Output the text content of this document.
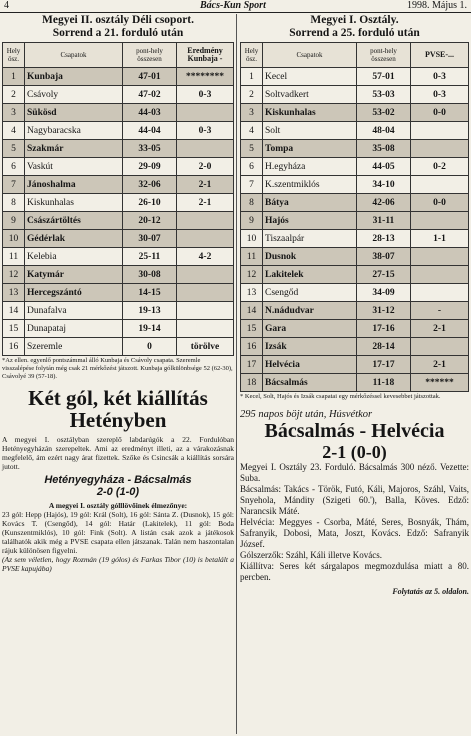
4	Bács-Kun Sport	1998. Május 1.
Megyei II. osztály Déli csoport.
Sorrend a 21. forduló után
Hely ösz.	Csapatok	pont-hely összesen	Eredmény Kunbaja -
1	Kunbaja	47-01	********
2	Csávoly	47-02	0-3
3	Sükösd	44-03	
4	Nagybaracska	44-04	0-3
5	Szakmár	33-05	
6	Vaskút	29-09	2-0
7	Jánoshalma	32-06	2-1
8	Kiskunhalas	26-10	2-1
9	Császártöltés	20-12	
10	Gédérlak	30-07	
11	Kelebia	25-11	4-2
12	Katymár	30-08	
13	Hercegszántó	14-15	
14	Dunafalva	19-13	
15	Dunapataj	19-14	
16	Szeremle	0	törölve
*Az ellen. egyenlő pontszámmal álló Kunbaja és Csávoly csapata. Szeremle visszalépése folytán még csak 21 mérkőzést játszott. Kunbaja gólkülönbsége 52 (62-30), Csávolyé 39 (57-18).
Két gól, két kiállítás Hetényben
A megyei I. osztályban szereplő labdarúgók a 22. Fordulóban Hetényegyházán szerepeltek. Ami az eredményt illeti, az a várakozásnak megfelelő, ám ezért nagy árat fizettek. Szőke és Csincsák a kiállítás sorsára jutott.
Hetényegyháza - Bácsalmás
2-0 (1-0)
A megyei I. osztály gólllövőinek élmezőnye:
23 gól: Hepp (Hajós), 19 gól: Král (Solt), 16 gól: Sánta Z. (Dusnok), 15 gól: Kovács T. (Csengőd), 14 gól: Határ (Lakitelek), 11 gól: Boda (Kunszentmiklós), 10 gól: Fink (Solt). A listán csak azok a játékosok találhatók akik még a PVSE csapata ellen játszanak. Talán nem haszontalan rájuk különösen figyelni.
(Az sem véletlen, hogy Rozmán (19 gólos) és Farkas Tibor (10) is betalált a PVSE kapujába)
Megyei I. Osztály.
Sorrend a 25. forduló után
Hely ösz.	Csapatok	pont-hely összesen	PVSE-...
1	Kecel	57-01	0-3
2	Soltvadkert	53-03	0-3
3	Kiskunhalas	53-02	0-0
4	Solt	48-04	
5	Tompa	35-08	
6	H.egyháza	44-05	0-2
7	K.szentmiklós	34-10	
8	Bátya	42-06	0-0
9	Hajós	31-11	
10	Tiszaalpár	28-13	1-1
11	Dusnok	38-07	
12	Lakitelek	27-15	
13	Csengőd	34-09	
14	N.nádudvar	31-12	-
15	Gara	17-16	2-1
16	Izsák	28-14	
17	Helvécia	17-17	2-1
18	Bácsalmás	11-18	******
* Kecel, Solt, Hajós és Izsák csapatai egy mérkőzéssel kevesebbet játszottak.
295 napos böjt után, Húsvétkor
Bácsalmás - Helvécia
2-1 (0-0)
Megyei I. Osztály 23. Forduló. Bácsalmás 300 néző. Vezette: Suba.
Bácsalmás: Takács - Török, Futó, Káli, Majoros, Száhl, Vaits, Snyehola, Mándity (Szigeti 60.'), Balla, Köves. Edző: Narancsik Máté.
Helvécia: Meggyes - Csorba, Máté, Seres, Bosnyák, Thám, Safranyik, Dobosi, Mata, Joszt, Kovács. Edző: Safranyik József.
Gólszerzők: Száhl, Káli illetve Kovács.
Kiállítva: Seres két sárgalapos megmozdulása miatt a 80. percben.
Folytatás az 5. oldalon.
